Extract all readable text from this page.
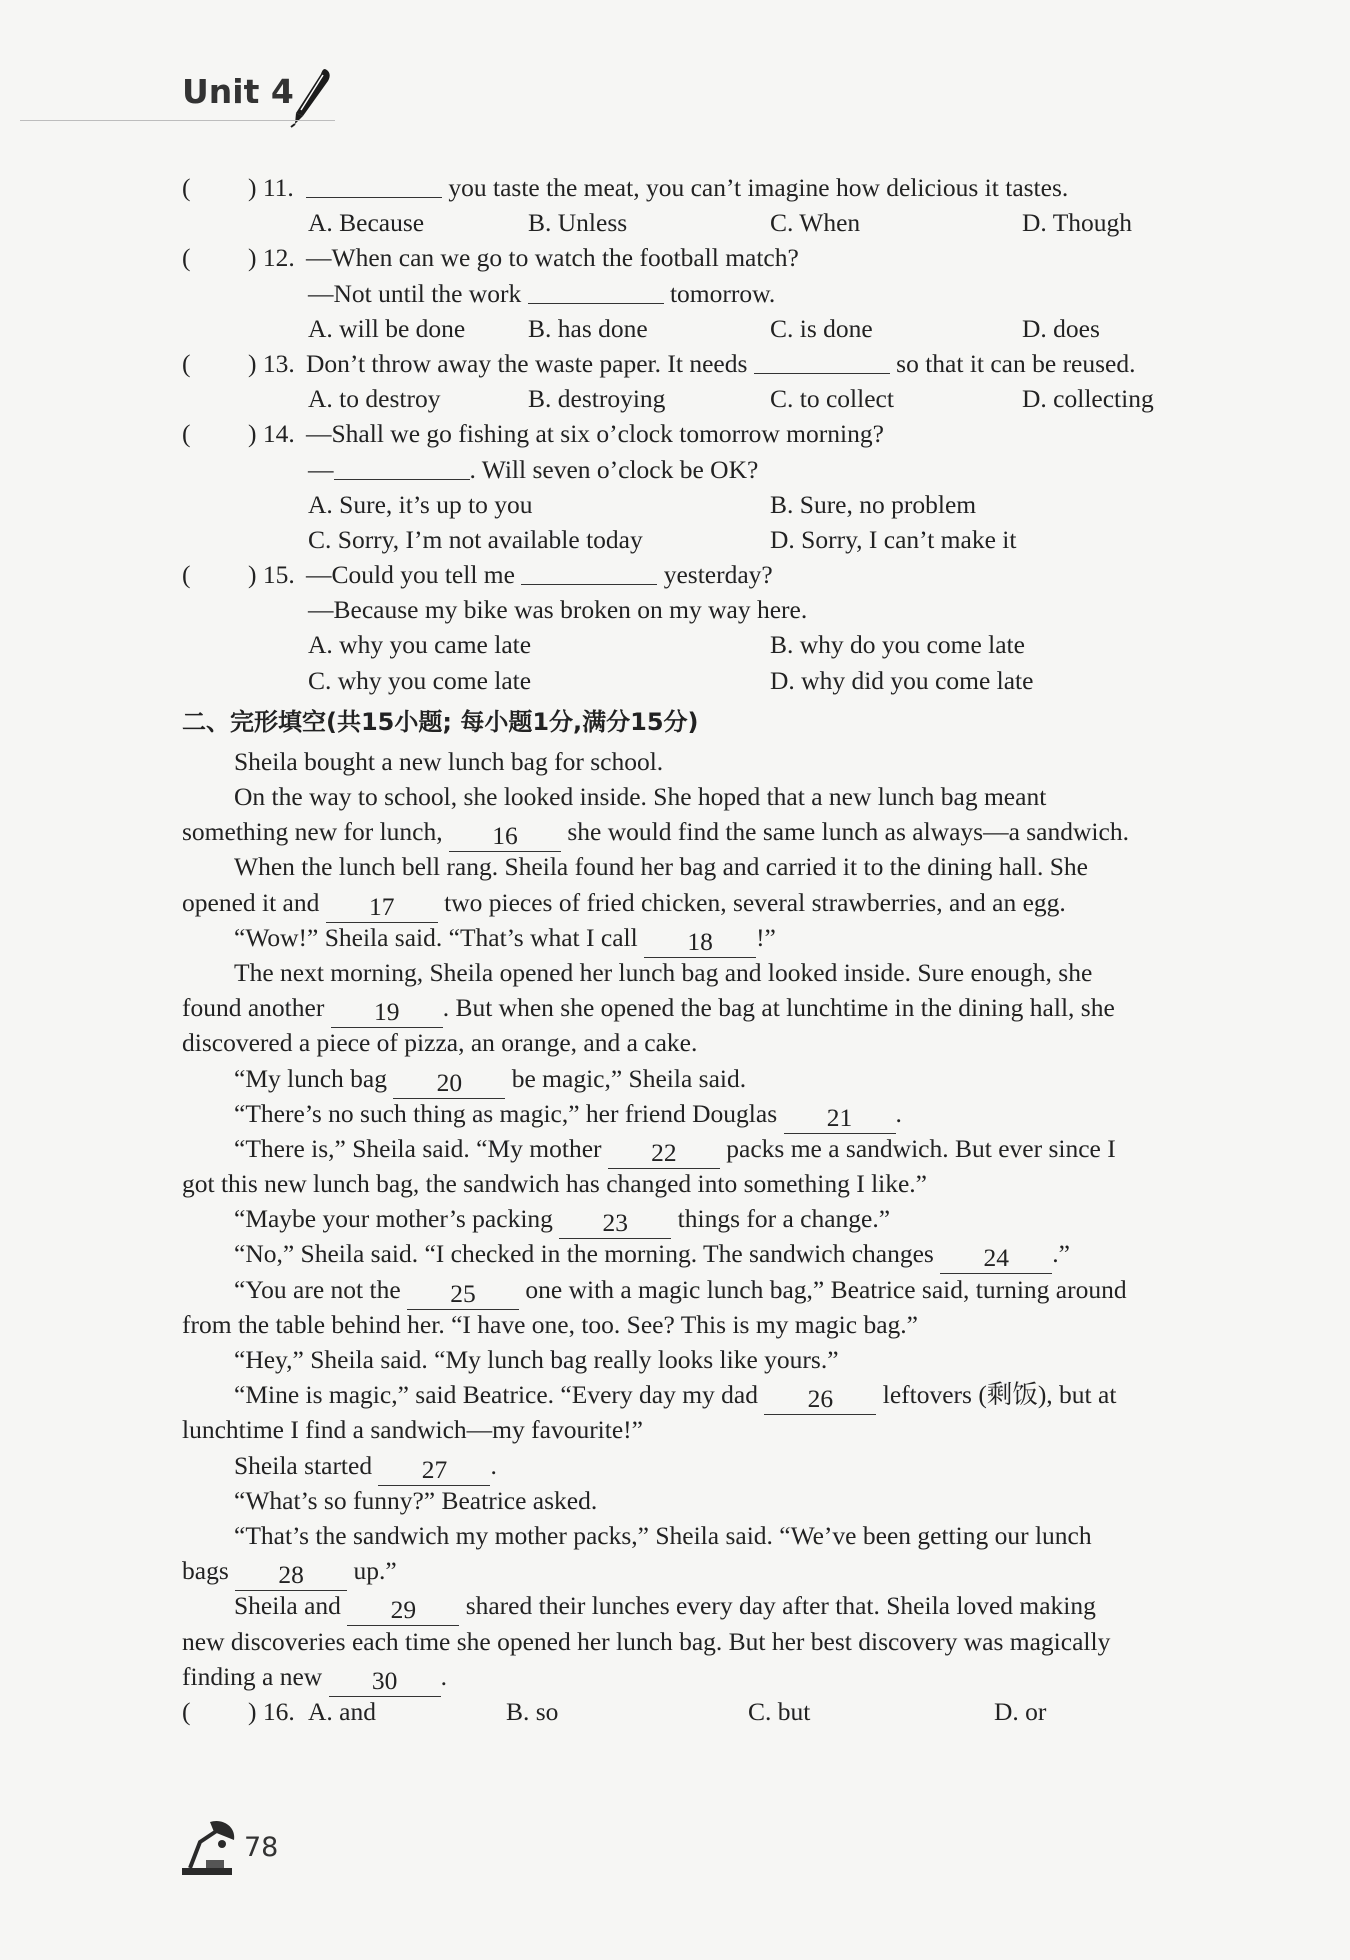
Unit 4
( ) 11.	you taste the meat, you can’t imagine how delicious it tastes.
A. Because	B. Unless	C. When	D. Though
( ) 12. —When can we go to watch the football match?
—Not until the work	tomorrow.
A. will be done B. has done	C. is done	D. does
( ) 13. Don’t throw away the waste paper. It needs	so that it can be reused.
A. to destroy	B. destroying	C. to collect	D. collecting
( ) 14. —Shall we go fishing at six o’clock tomorrow morning?
—	. Will seven o’clock be OK?
A. Sure, it’s up to you	B. Sure, no problem
C. Sorry, I’m not available today	D. Sorry, I can’t make it
( ) 15. —Could you tell me	yesterday?
—Because my bike was broken on my way here.
A. why you came late	B. why do you come late
C. why you come late	D. why did you come late
二、完形填空(共15小题; 每小题1分,满分15分)
Sheila bought a new lunch bag for school.
On the way to school, she looked inside. She hoped that a new lunch bag meant
something new for lunch, 16 she would find the same lunch as always—a sandwich.
When the lunch bell rang. Sheila found her bag and carried it to the dining hall. She
opened it and 17 two pieces of fried chicken, several strawberries, and an egg.
“Wow!” Sheila said. “That’s what I call 18 !”
The next morning, Sheila opened her lunch bag and looked inside. Sure enough, she
found another 19 . But when she opened the bag at lunchtime in the dining hall, she
discovered a piece of pizza, an orange, and a cake.
“My lunch bag 20 be magic,” Sheila said.
“There’s no such thing as magic,” her friend Douglas 21 .
“There is,” Sheila said. “My mother 22 packs me a sandwich. But ever since I
got this new lunch bag, the sandwich has changed into something I like.”
“Maybe your mother’s packing 23 things for a change.”
“No,” Sheila said. “I checked in the morning. The sandwich changes 24 .”
“You are not the 25 one with a magic lunch bag,” Beatrice said, turning around
from the table behind her. “I have one, too. See? This is my magic bag.”
“Hey,” Sheila said. “My lunch bag really looks like yours.”
“Mine is magic,” said Beatrice. “Every day my dad 26 leftovers (剩饭), but at
lunchtime I find a sandwich—my favourite!”
Sheila started 27 .
“What’s so funny?” Beatrice asked.
“That’s the sandwich my mother packs,” Sheila said. “We’ve been getting our lunch
bags 28 up.”
Sheila and 29 shared their lunches every day after that. Sheila loved making
new discoveries each time she opened her lunch bag. But her best discovery was magically
finding a new 30 .
( ) 16. A. and	B. so	C. but	D. or
78
